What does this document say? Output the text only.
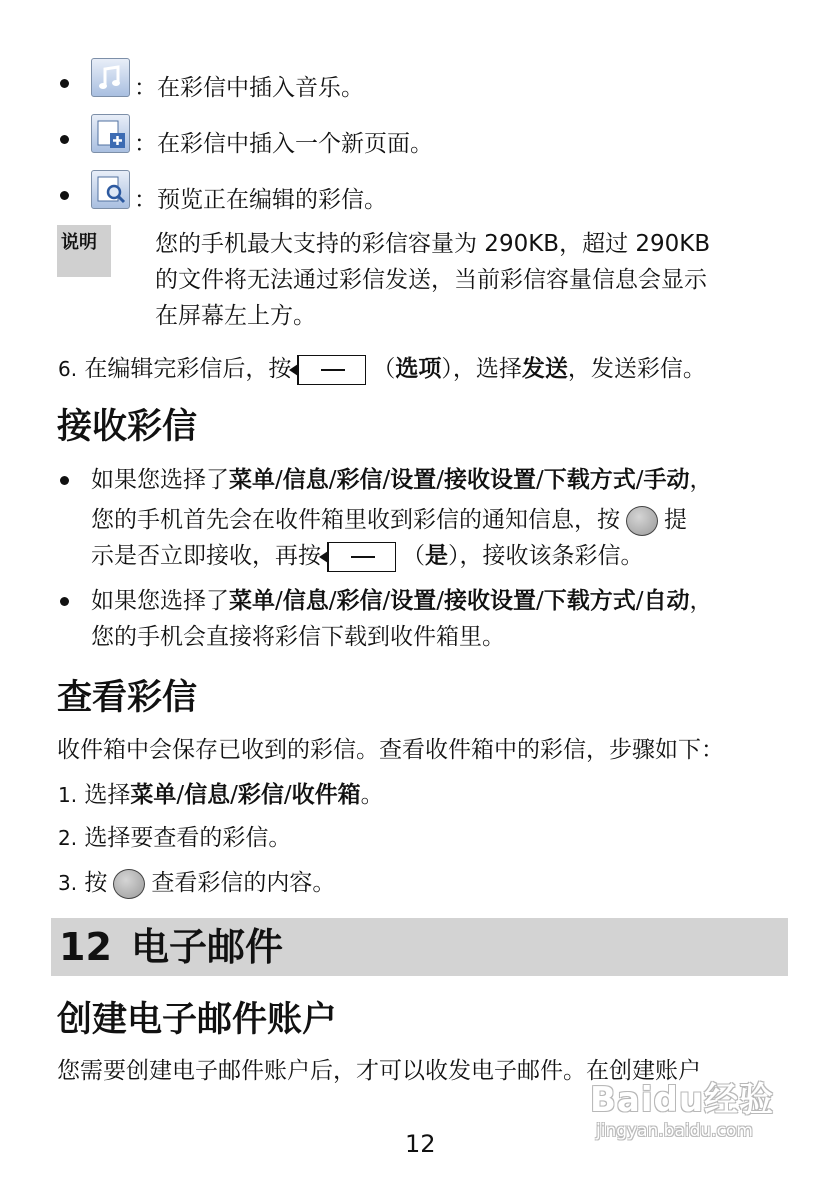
：在彩信中插入音乐。
：在彩信中插入一个新页面。
：预览正在编辑的彩信。
说明	您的手机最大支持的彩信容量为 290KB，超过 290KB
的文件将无法通过彩信发送，当前彩信容量信息会显示
在屏幕左上方。
6. 在编辑完彩信后，按	（选项），选择发送，发送彩信。
接收彩信
如果您选择了菜单/信息/彩信/设置/接收设置/下载方式/手动，
您的手机首先会在收件箱里收到彩信的通知信息，按 提
示是否立即接收，再按	（是），接收该条彩信。
如果您选择了菜单/信息/彩信/设置/接收设置/下载方式/自动，
您的手机会直接将彩信下载到收件箱里。
查看彩信
收件箱中会保存已收到的彩信。查看收件箱中的彩信，步骤如下：
1. 选择菜单/信息/彩信/收件箱。
2. 选择要查看的彩信。
3. 按 查看彩信的内容。
12 电子邮件
创建电子邮件账户
您需要创建电子邮件账户后，才可以收发电子邮件。在创建账户
12
Baidu经验
jingyan.baidu.com
